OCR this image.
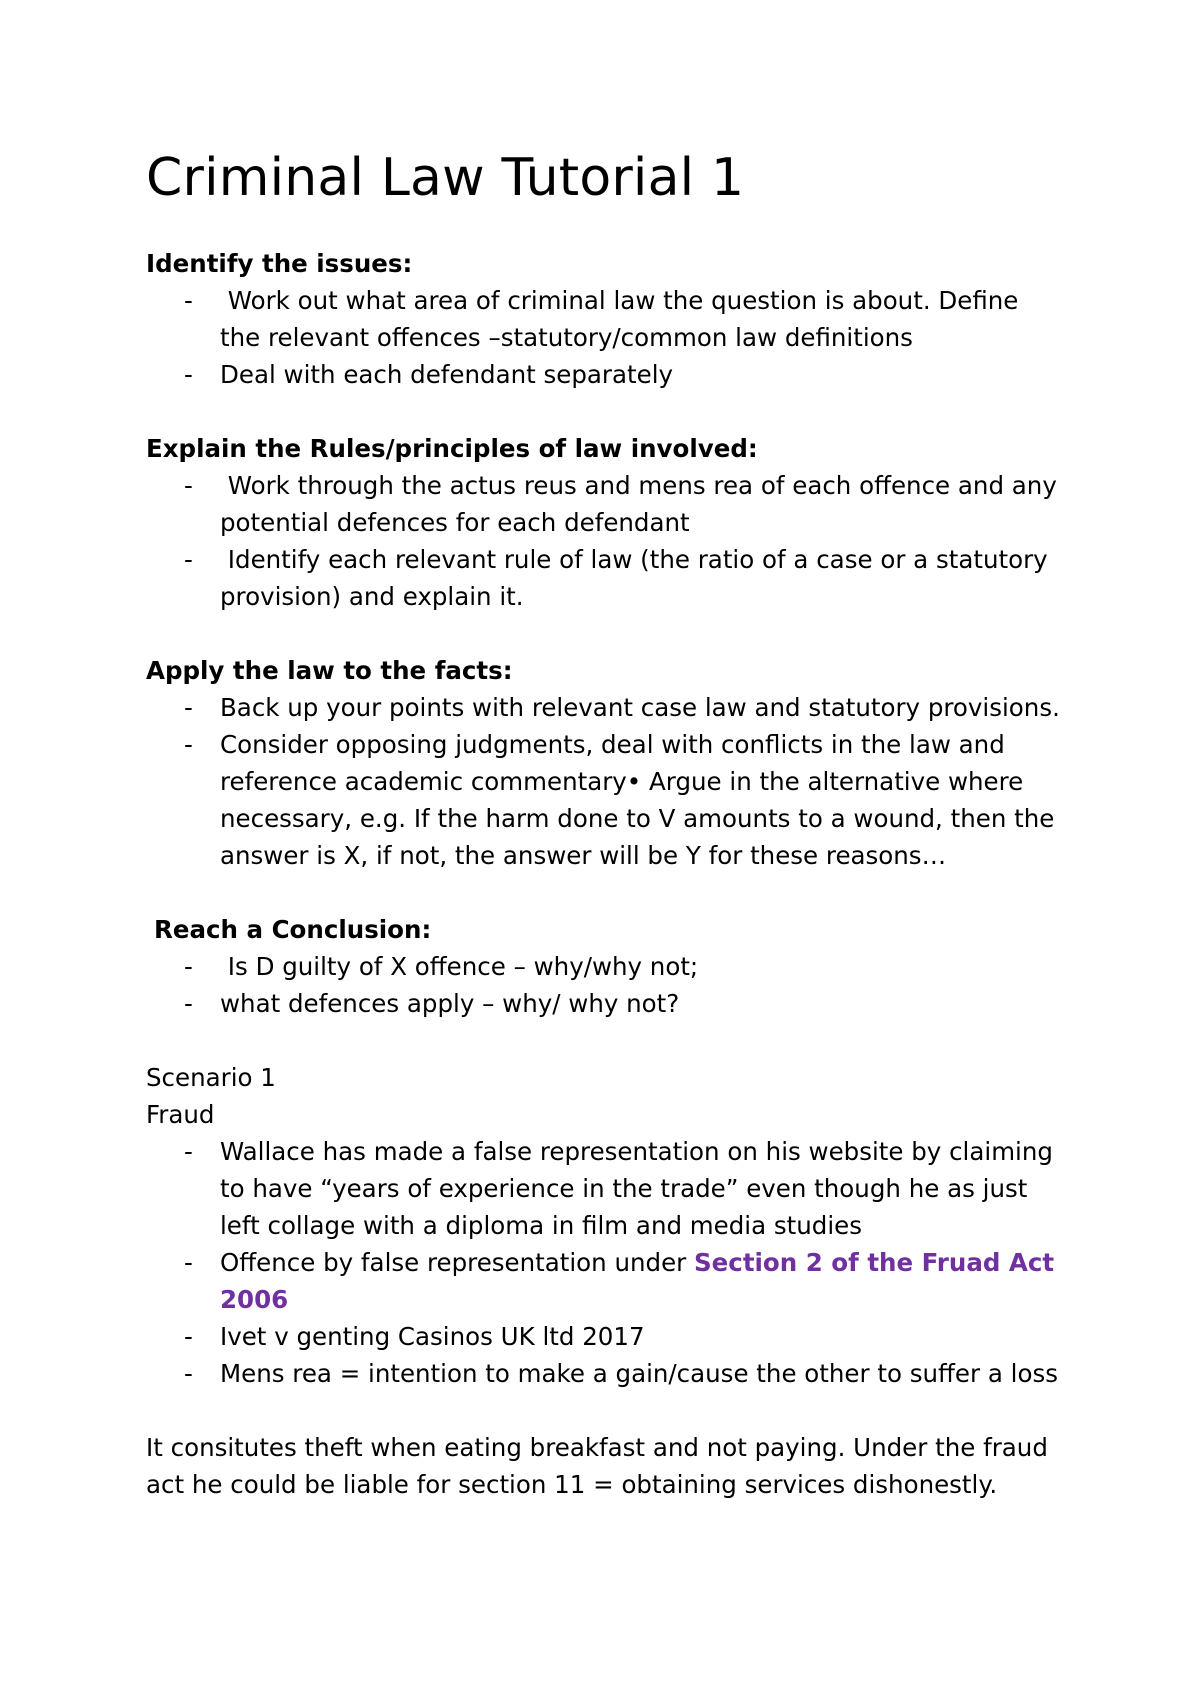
Criminal Law Tutorial 1

Identify the issues:

- Work out what area of criminal law the question is about. Define the relevant offences –statutory/common law definitions
- Deal with each defendant separately

Explain the Rules/principles of law involved:

- Work through the actus reus and mens rea of each offence and any potential defences for each defendant
- Identify each relevant rule of law (the ratio of a case or a statutory provision) and explain it.

Apply the law to the facts:

- Back up your points with relevant case law and statutory provisions.
- Consider opposing judgments, deal with conflicts in the law and reference academic commentary• Argue in the alternative where necessary, e.g. If the harm done to V amounts to a wound, then the answer is X, if not, the answer will be Y for these reasons…

Reach a Conclusion:

- Is D guilty of X offence – why/why not;
- what defences apply – why/ why not?

Scenario 1

Fraud

- Wallace has made a false representation on his website by claiming to have “years of experience in the trade” even though he as just left collage with a diploma in film and media studies
- Offence by false representation under Section 2 of the Fruad Act 2006
- Ivet v genting Casinos UK ltd 2017
- Mens rea = intention to make a gain/cause the other to suffer a loss

It consitutes theft when eating breakfast and not paying. Under the fraud act he could be liable for section 11 = obtaining services dishonestly.
